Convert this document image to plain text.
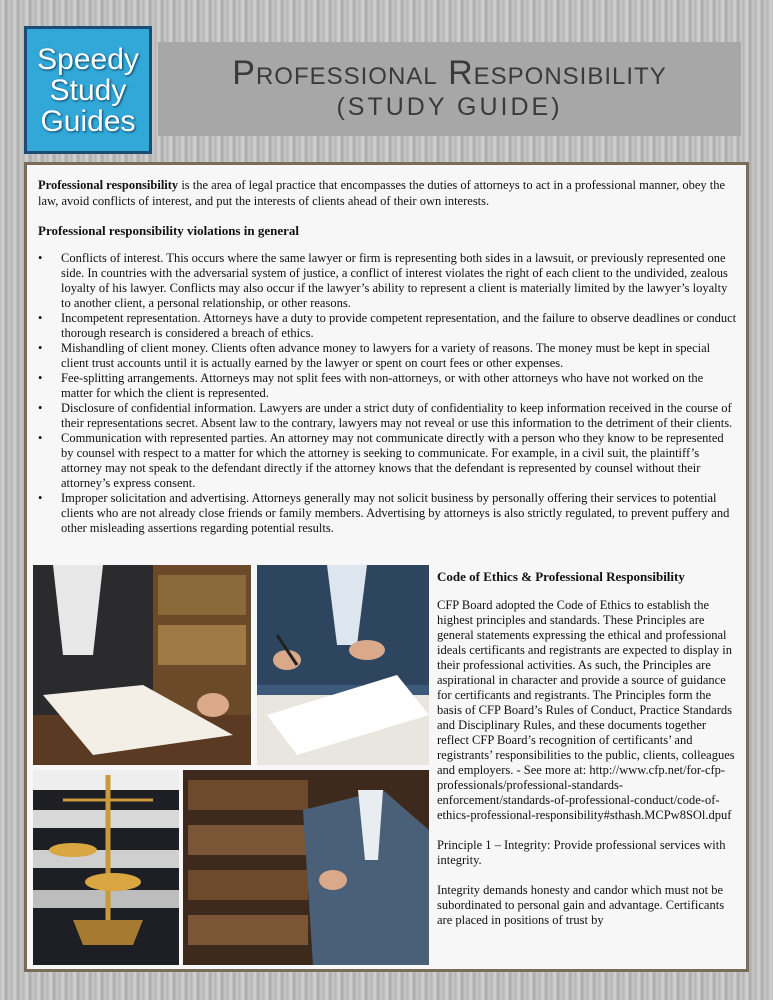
Speedy
Study
Guides
Professional Responsibility
(STUDY GUIDE)
Professional responsibility is the area of legal practice that encompasses the duties of attorneys to act in a professional manner, obey the law, avoid conflicts of interest, and put the interests of clients ahead of their own interests.
Professional responsibility violations in general
• Conflicts of interest. This occurs where the same lawyer or firm is representing both sides in a lawsuit, or previously represented one side. In countries with the adversarial system of justice, a conflict of interest violates the right of each client to the undivided, zealous loyalty of his lawyer. Conflicts may also occur if the lawyer’s ability to represent a client is materially limited by the lawyer’s loyalty to another client, a personal relationship, or other reasons.
• Incompetent representation. Attorneys have a duty to provide competent representation, and the failure to observe deadlines or conduct thorough research is considered a breach of ethics.
• Mishandling of client money. Clients often advance money to lawyers for a variety of reasons. The money must be kept in special client trust accounts until it is actually earned by the lawyer or spent on court fees or other expenses.
• Fee-splitting arrangements. Attorneys may not split fees with non-attorneys, or with other attorneys who have not worked on the matter for which the client is represented.
• Disclosure of confidential information. Lawyers are under a strict duty of confidentiality to keep information received in the course of their representations secret. Absent law to the contrary, lawyers may not reveal or use this information to the detriment of their clients.
• Communication with represented parties. An attorney may not communicate directly with a person who they know to be represented by counsel with respect to a matter for which the attorney is seeking to communicate. For example, in a civil suit, the plaintiff’s attorney may not speak to the defendant directly if the attorney knows that the defendant is represented by counsel without their attorney’s express consent.
• Improper solicitation and advertising. Attorneys generally may not solicit business by personally offering their services to potential clients who are not already close friends or family members. Advertising by attorneys is also strictly regulated, to prevent puffery and other misleading assertions regarding potential results.
Code of Ethics & Professional Responsibility

CFP Board adopted the Code of Ethics to establish the highest principles and standards. These Principles are general statements expressing the ethical and professional ideals certificants and registrants are expected to display in their professional activities. As such, the Principles are aspirational in character and provide a source of guidance for certificants and registrants. The Principles form the basis of CFP Board’s Rules of Conduct, Practice Standards and Disciplinary Rules, and these documents together reflect CFP Board’s recognition of certificants’ and registrants’ responsibilities to the public, clients, colleagues and employers. - See more at: http://www.cfp.net/for-cfp-professionals/professional-standards-enforcement/standards-of-professional-conduct/code-of-ethics-professional-responsibility#sthash.MCPw8SOl.dpuf

Principle 1 – Integrity: Provide professional services with integrity.

Integrity demands honesty and candor which must not be subordinated to personal gain and advantage. Certificants are placed in positions of trust by
